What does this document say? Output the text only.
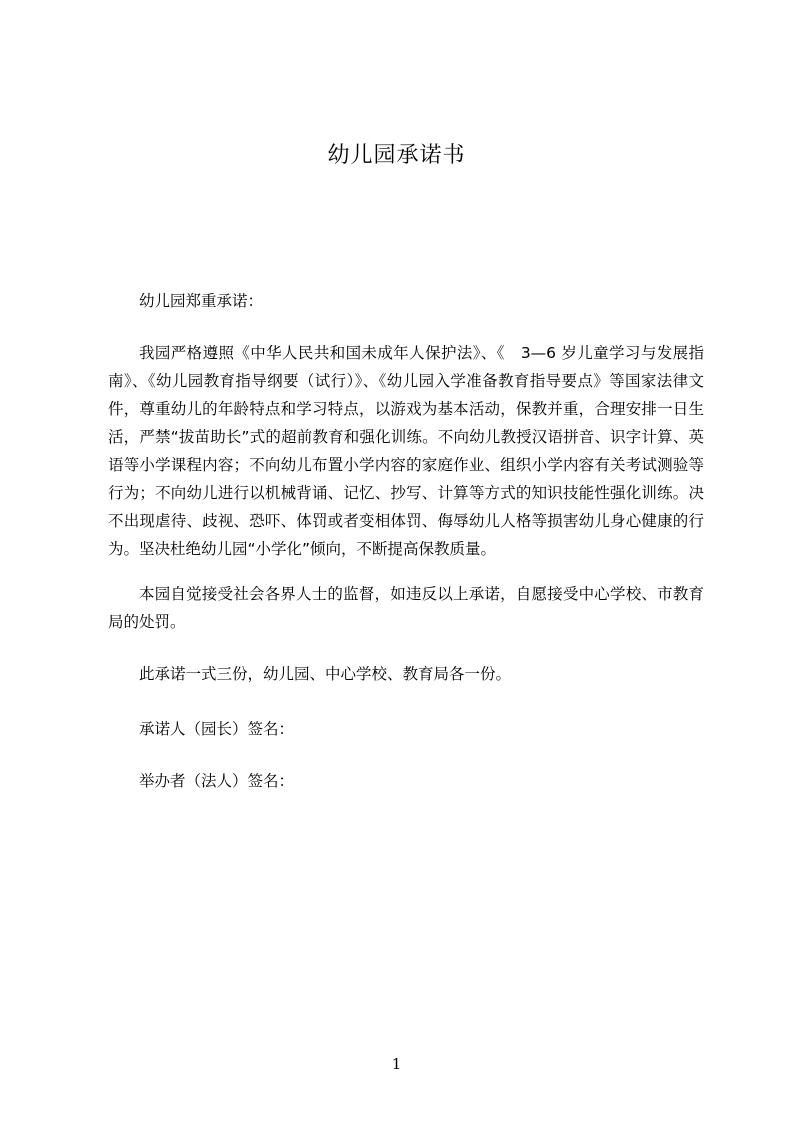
幼儿园承诺书

幼儿园郑重承诺：

我园严格遵照《中华人民共和国未成年人保护法》、《　3—6 岁儿童学习与发展指南》、《幼儿园教育指导纲要（试行）》、《幼儿园入学准备教育指导要点》等国家法律文件，尊重幼儿的年龄特点和学习特点，以游戏为基本活动，保教并重，合理安排一日生活，严禁“拔苗助长”式的超前教育和强化训练。不向幼儿教授汉语拼音、识字计算、英语等小学课程内容；不向幼儿布置小学内容的家庭作业、组织小学内容有关考试测验等行为；不向幼儿进行以机械背诵、记忆、抄写、计算等方式的知识技能性强化训练。决不出现虐待、歧视、恐吓、体罚或者变相体罚、侮辱幼儿人格等损害幼儿身心健康的行为。坚决杜绝幼儿园“小学化”倾向，不断提高保教质量。

本园自觉接受社会各界人士的监督，如违反以上承诺，自愿接受中心学校、市教育局的处罚。

此承诺一式三份，幼儿园、中心学校、教育局各一份。

承诺人（园长）签名：

举办者（法人）签名：

1
